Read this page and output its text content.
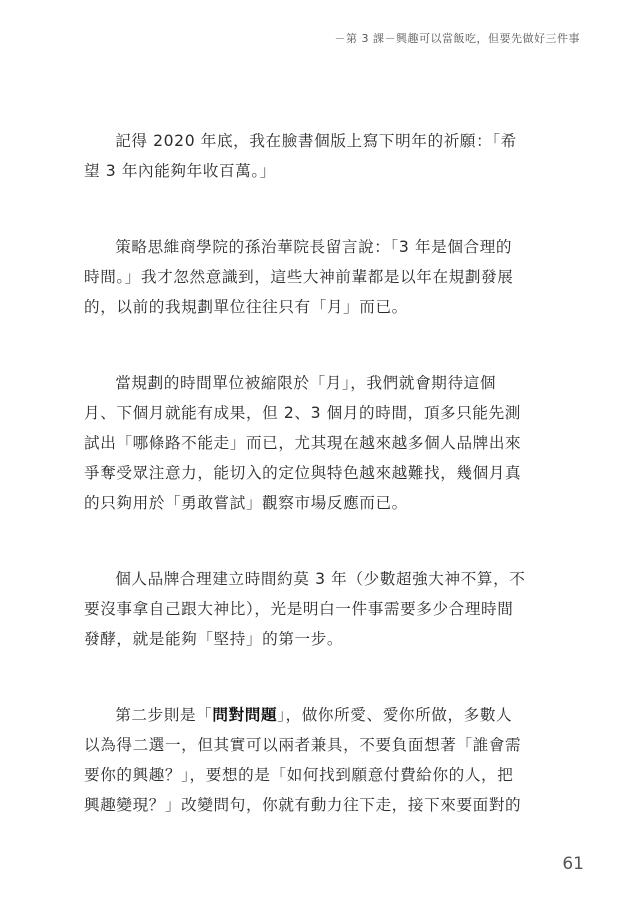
－第 3 課－興趣可以當飯吃，但要先做好三件事

記得 2020 年底，我在臉書個版上寫下明年的祈願：「希
望 3 年內能夠年收百萬。」

策略思維商學院的孫治華院長留言說：「3 年是個合理的
時間。」我才忽然意識到，這些大神前輩都是以年在規劃發展
的，以前的我規劃單位往往只有「月」而已。

當規劃的時間單位被縮限於「月」，我們就會期待這個
月、下個月就能有成果，但 2、3 個月的時間，頂多只能先測
試出「哪條路不能走」而已，尤其現在越來越多個人品牌出來
爭奪受眾注意力，能切入的定位與特色越來越難找，幾個月真
的只夠用於「勇敢嘗試」觀察市場反應而已。

個人品牌合理建立時間約莫 3 年（少數超強大神不算，不
要沒事拿自己跟大神比），光是明白一件事需要多少合理時間
發酵，就是能夠「堅持」的第一步。

第二步則是「問對問題」，做你所愛、愛你所做，多數人
以為得二選一，但其實可以兩者兼具，不要負面想著「誰會需
要你的興趣？」，要想的是「如何找到願意付費給你的人，把
興趣變現？」改變問句，你就有動力往下走，接下來要面對的

61
